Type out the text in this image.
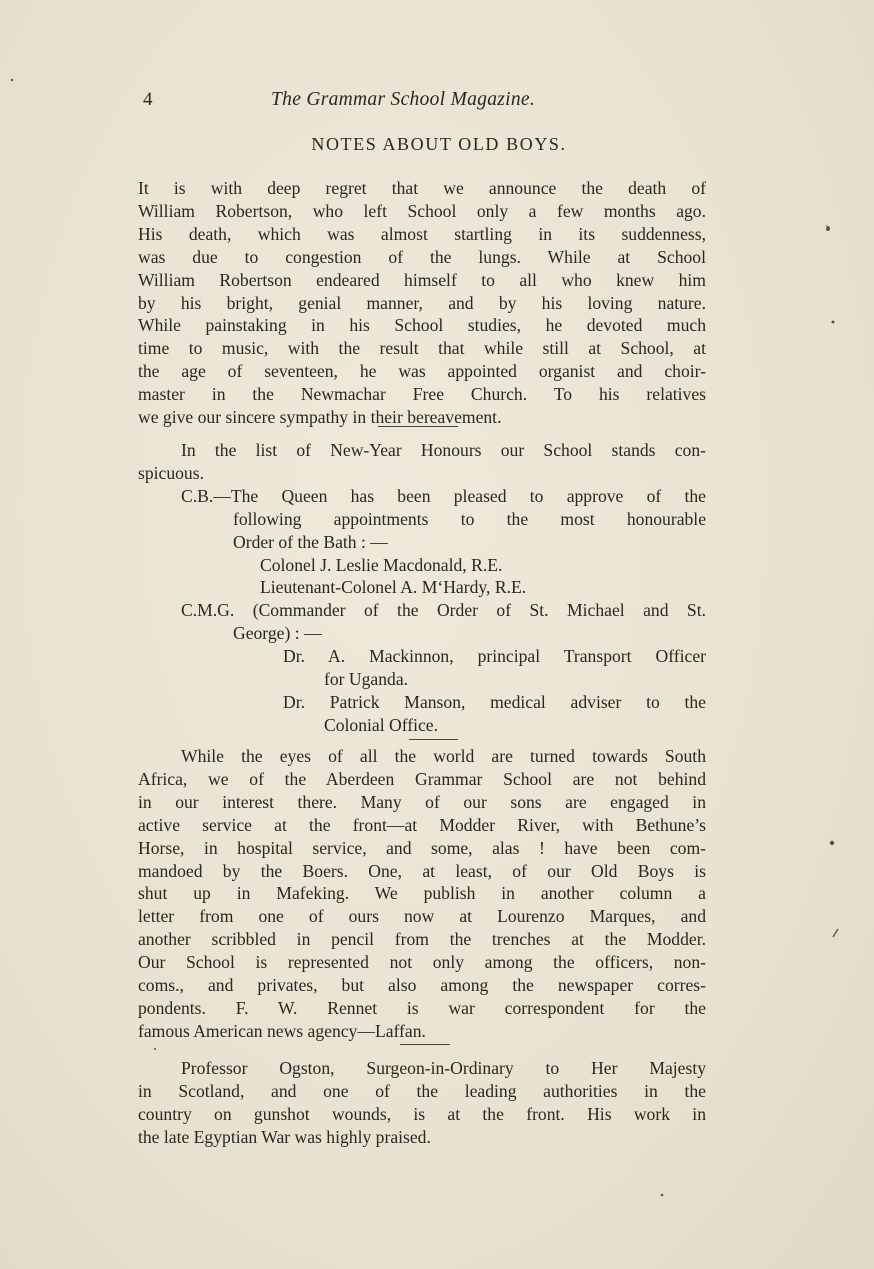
4	The Grammar School Magazine.
NOTES ABOUT OLD BOYS.
It is with deep regret that we announce the death of
William Robertson, who left School only a few months ago.
His death, which was almost startling in its suddenness,
was due to congestion of the lungs. While at School
William Robertson endeared himself to all who knew him
by his bright, genial manner, and by his loving nature.
While painstaking in his School studies, he devoted much
time to music, with the result that while still at School, at
the age of seventeen, he was appointed organist and choir-
master in the Newmachar Free Church. To his relatives
we give our sincere sympathy in their bereavement.
In the list of New-Year Honours our School stands con-
spicuous.
C.B.—The Queen has been pleased to approve of the
following appointments to the most honourable
Order of the Bath : —
Colonel J. Leslie Macdonald, R.E.
Lieutenant-Colonel A. M‘Hardy, R.E.
C.M.G. (Commander of the Order of St. Michael and St.
George) : —
Dr. A. Mackinnon, principal Transport Officer
for Uganda.
Dr. Patrick Manson, medical adviser to the
Colonial Office.
While the eyes of all the world are turned towards South
Africa, we of the Aberdeen Grammar School are not behind
in our interest there. Many of our sons are engaged in
active service at the front—at Modder River, with Bethune’s
Horse, in hospital service, and some, alas ! have been com-
mandoed by the Boers. One, at least, of our Old Boys is
shut up in Mafeking. We publish in another column a
letter from one of ours now at Lourenzo Marques, and
another scribbled in pencil from the trenches at the Modder.
Our School is represented not only among the officers, non-
coms., and privates, but also among the newspaper corres-
pondents. F. W. Rennet is war correspondent for the
famous American news agency—Laffan.
Professor Ogston, Surgeon-in-Ordinary to Her Majesty
in Scotland, and one of the leading authorities in the
country on gunshot wounds, is at the front. His work in
the late Egyptian War was highly praised.
